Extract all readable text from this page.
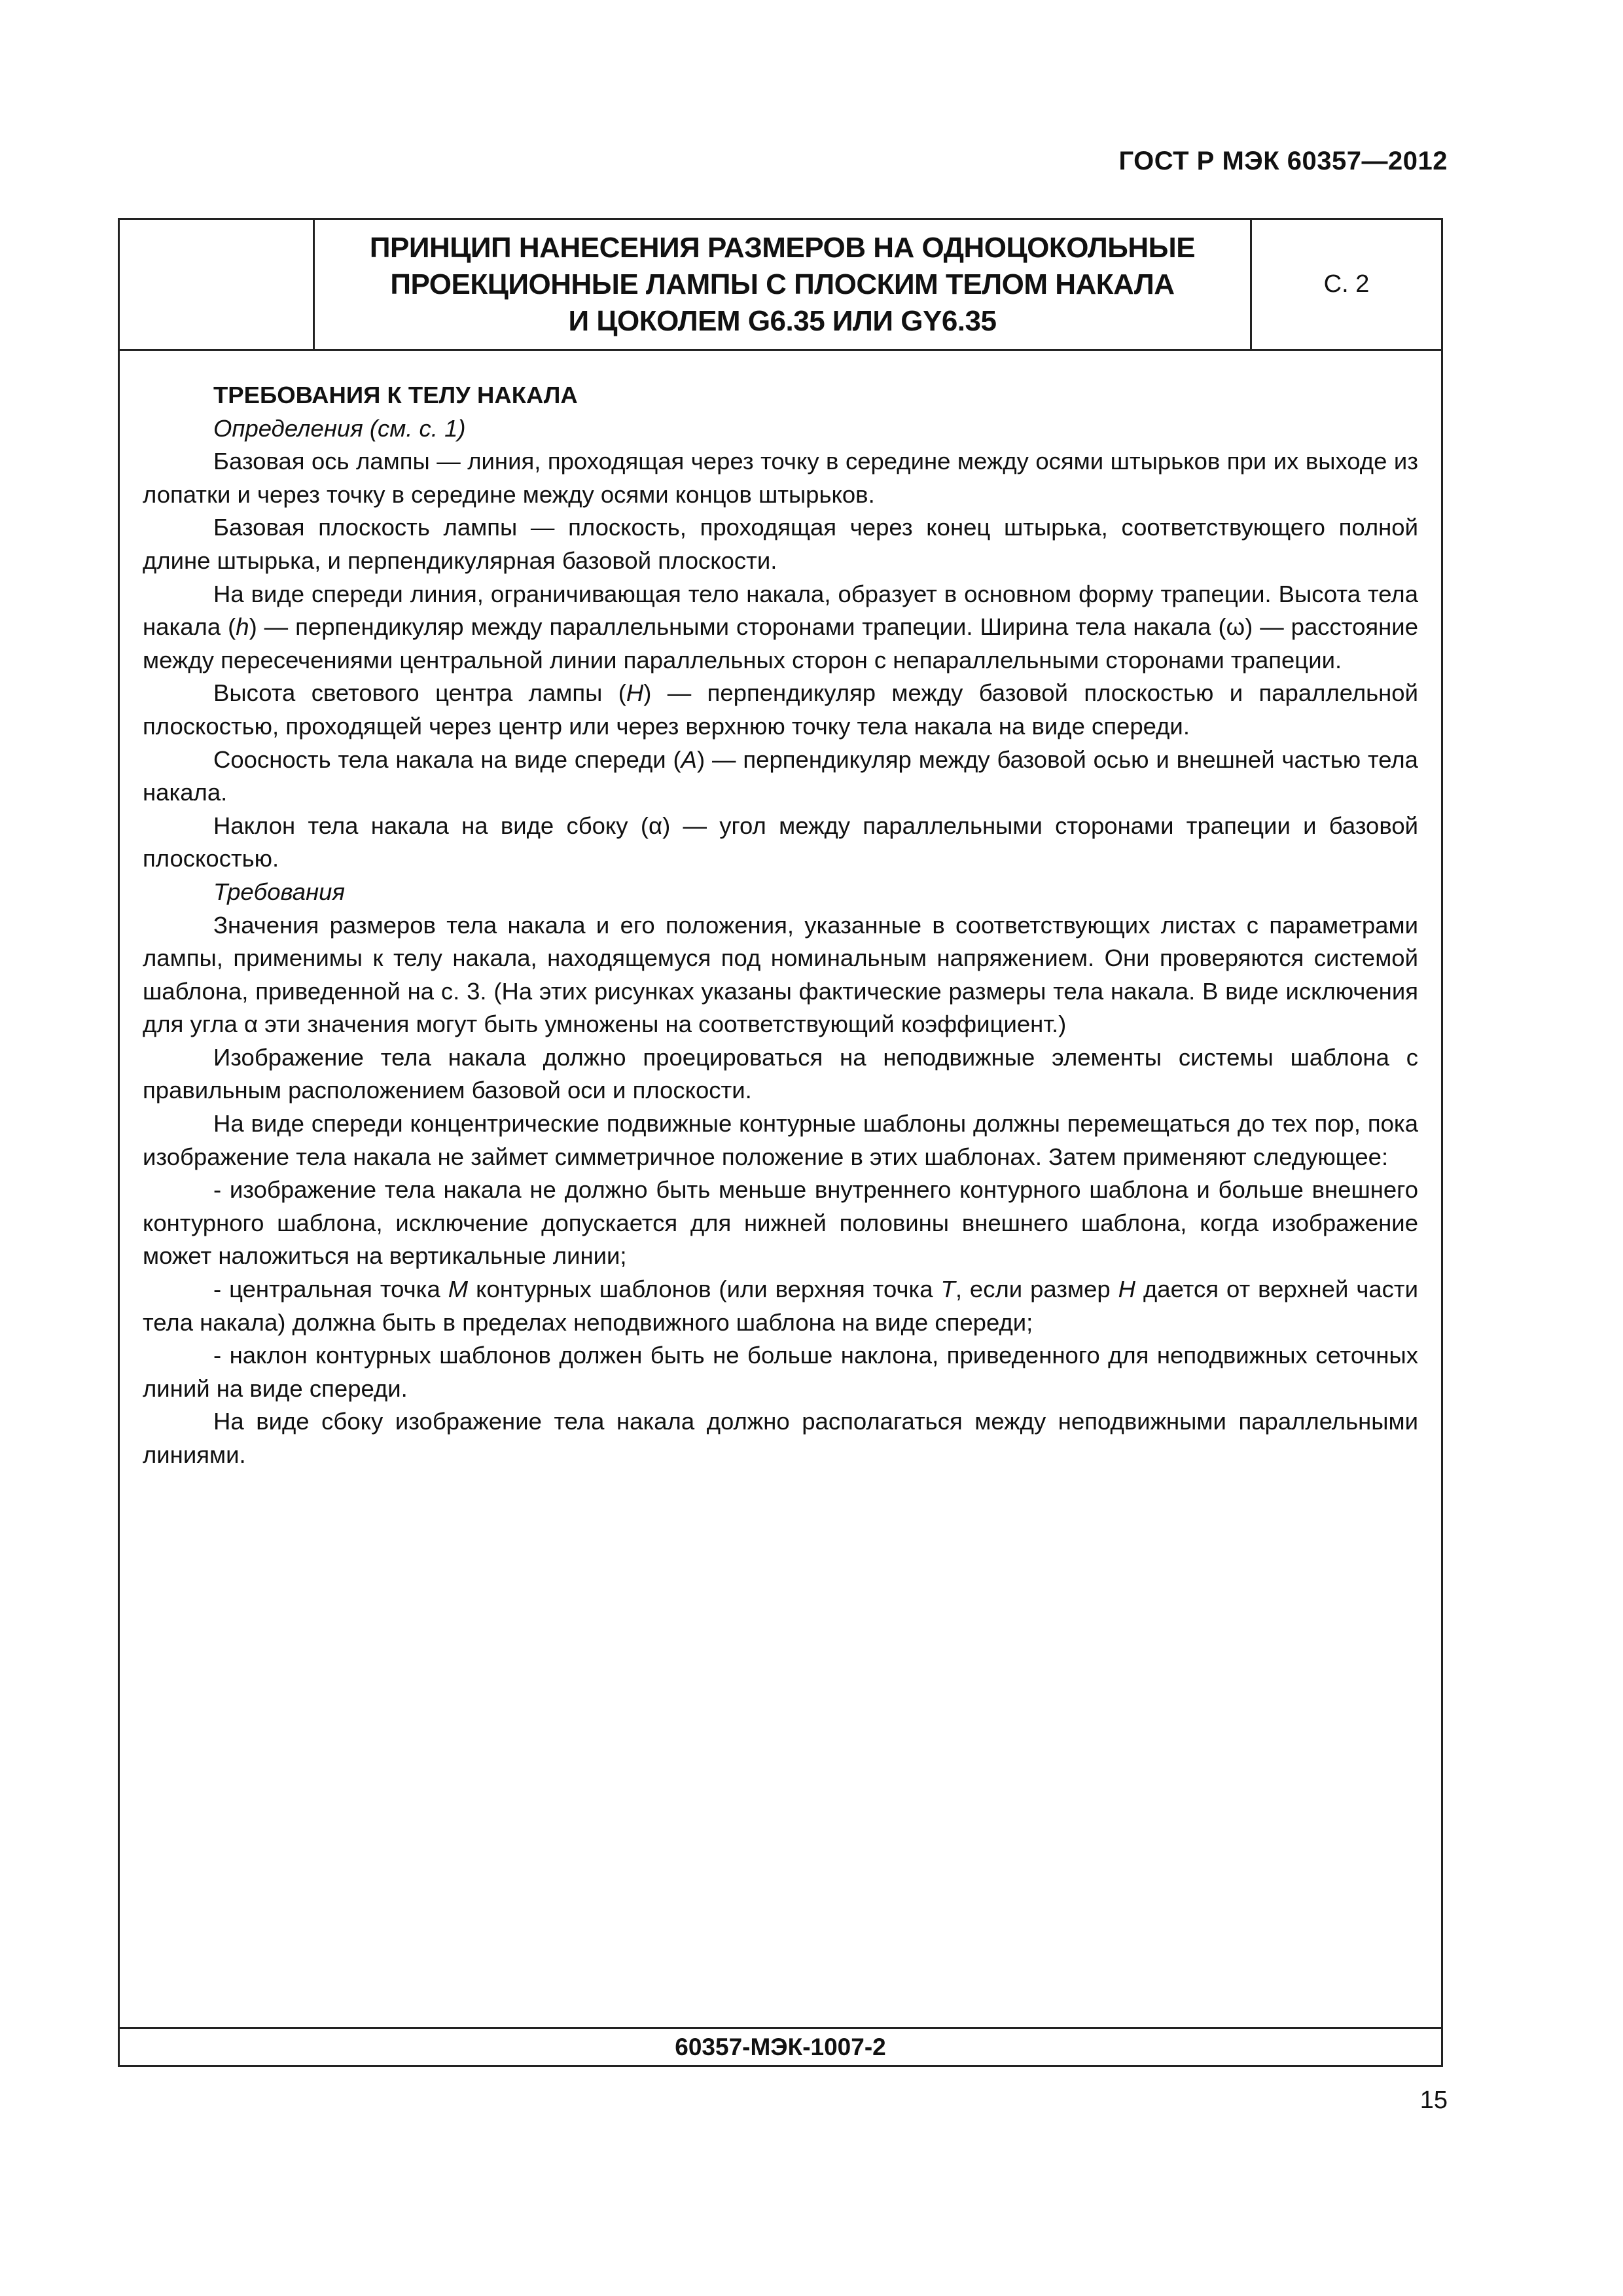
ГОСТ Р МЭК 60357—2012
ПРИНЦИП НАНЕСЕНИЯ РАЗМЕРОВ НА ОДНОЦОКОЛЬНЫЕ
ПРОЕКЦИОННЫЕ ЛАМПЫ С ПЛОСКИМ ТЕЛОМ НАКАЛА
И ЦОКОЛЕМ G6.35 ИЛИ GY6.35
С. 2

ТРЕБОВАНИЯ К ТЕЛУ НАКАЛА

Определения (см. с. 1)

Базовая ось лампы — линия, проходящая через точку в середине между осями штырьков при их выходе из лопатки и через точку в середине между осями концов штырьков.

Базовая плоскость лампы — плоскость, проходящая через конец штырька, соответствующего полной длине штырька, и перпендикулярная базовой плоскости.

На виде спереди линия, ограничивающая тело накала, образует в основном форму трапеции. Высота тела накала (h) — перпендикуляр между параллельными сторонами трапеции. Ширина тела накала (ω) — расстояние между пересечениями центральной линии параллельных сторон с непараллельными сторонами трапеции.

Высота светового центра лампы (H) — перпендикуляр между базовой плоскостью и параллельной плоскостью, проходящей через центр или через верхнюю точку тела накала на виде спереди.

Соосность тела накала на виде спереди (A) — перпендикуляр между базовой осью и внешней частью тела накала.

Наклон тела накала на виде сбоку (α) — угол между параллельными сторонами трапеции и базовой плоскостью.

Требования

Значения размеров тела накала и его положения, указанные в соответствующих листах с параметрами лампы, применимы к телу накала, находящемуся под номинальным напряжением. Они проверяются системой шаблона, приведенной на с. 3. (На этих рисунках указаны фактические размеры тела накала. В виде исключения для угла α эти значения могут быть умножены на соответствующий коэффициент.)

Изображение тела накала должно проецироваться на неподвижные элементы системы шаблона с правильным расположением базовой оси и плоскости.

На виде спереди концентрические подвижные контурные шаблоны должны перемещаться до тех пор, пока изображение тела накала не займет симметричное положение в этих шаблонах. Затем применяют следующее:

- изображение тела накала не должно быть меньше внутреннего контурного шаблона и больше внешнего контурного шаблона, исключение допускается для нижней половины внешнего шаблона, когда изображение может наложиться на вертикальные линии;

- центральная точка M контурных шаблонов (или верхняя точка T, если размер H дается от верхней части тела накала) должна быть в пределах неподвижного шаблона на виде спереди;

- наклон контурных шаблонов должен быть не больше наклона, приведенного для неподвижных сеточных линий на виде спереди.

На виде сбоку изображение тела накала должно располагаться между неподвижными параллельными линиями.

60357-МЭК-1007-2
15
